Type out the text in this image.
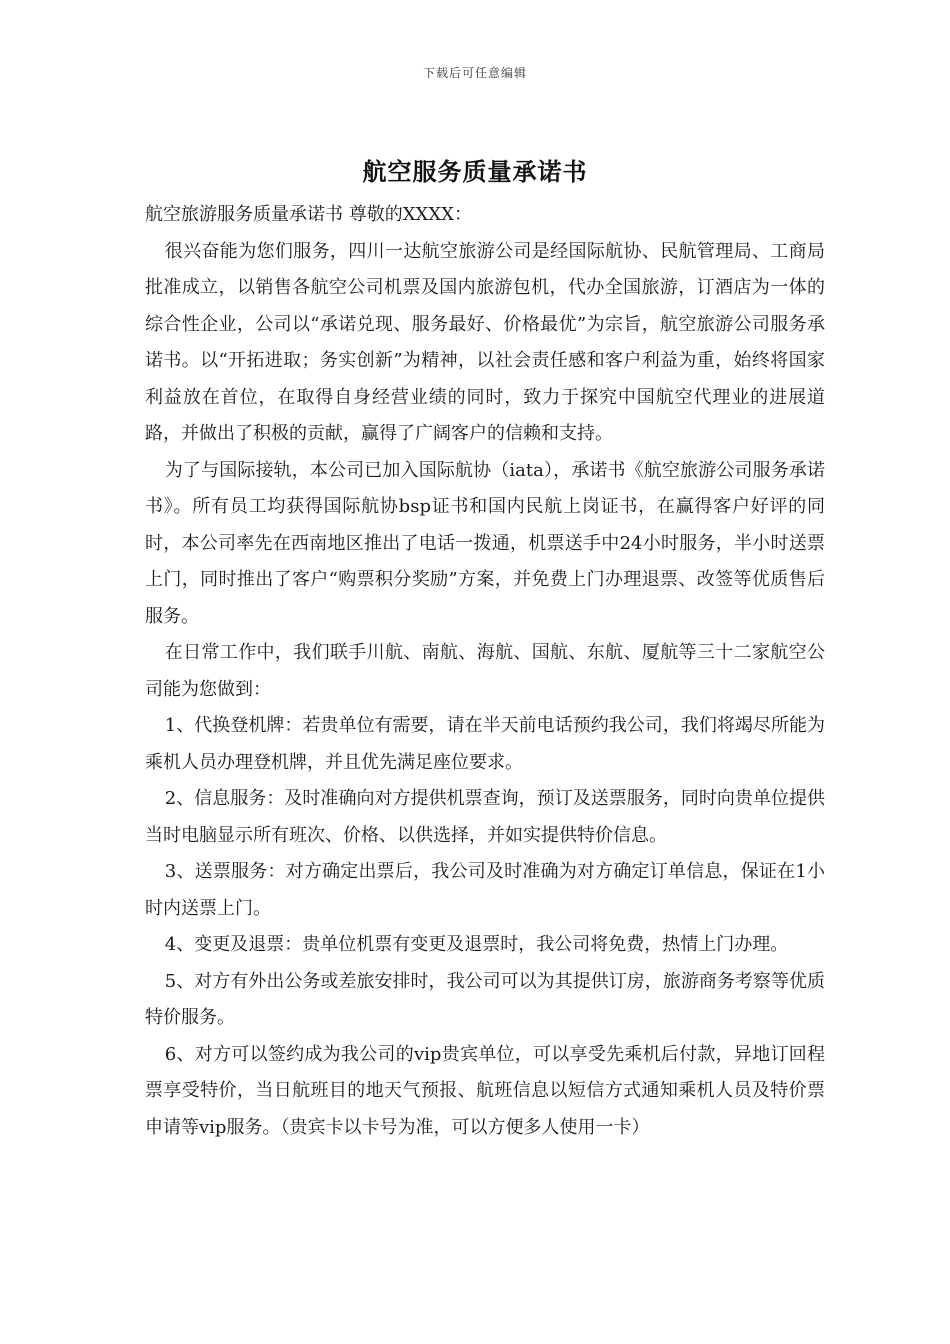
下载后可任意编辑
航空服务质量承诺书

航空旅游服务质量承诺书 尊敬的XXXX：

很兴奋能为您们服务，四川一达航空旅游公司是经国际航协、民航管理局、工商局批准成立，以销售各航空公司机票及国内旅游包机，代办全国旅游，订酒店为一体的综合性企业，公司以“承诺兑现、服务最好、价格最优”为宗旨，航空旅游公司服务承诺书。以“开拓进取；务实创新”为精神，以社会责任感和客户利益为重，始终将国家利益放在首位，在取得自身经营业绩的同时，致力于探究中国航空代理业的进展道路，并做出了积极的贡献，赢得了广阔客户的信赖和支持。

为了与国际接轨，本公司已加入国际航协（iata），承诺书《航空旅游公司服务承诺书》。所有员工均获得国际航协bsp证书和国内民航上岗证书，在赢得客户好评的同时，本公司率先在西南地区推出了电话一拨通，机票送手中24小时服务，半小时送票上门，同时推出了客户“购票积分奖励”方案，并免费上门办理退票、改签等优质售后服务。

在日常工作中，我们联手川航、南航、海航、国航、东航、厦航等三十二家航空公司能为您做到：

1、代换登机牌：若贵单位有需要，请在半天前电话预约我公司，我们将竭尽所能为乘机人员办理登机牌，并且优先满足座位要求。

2、信息服务：及时准确向对方提供机票查询，预订及送票服务，同时向贵单位提供当时电脑显示所有班次、价格、以供选择，并如实提供特价信息。

3、送票服务：对方确定出票后，我公司及时准确为对方确定订单信息，保证在1小时内送票上门。

4、变更及退票：贵单位机票有变更及退票时，我公司将免费，热情上门办理。

5、对方有外出公务或差旅安排时，我公司可以为其提供订房，旅游商务考察等优质特价服务。

6、对方可以签约成为我公司的vip贵宾单位，可以享受先乘机后付款，异地订回程票享受特价，当日航班目的地天气预报、航班信息以短信方式通知乘机人员及特价票申请等vip服务。（贵宾卡以卡号为准，可以方便多人使用一卡）
